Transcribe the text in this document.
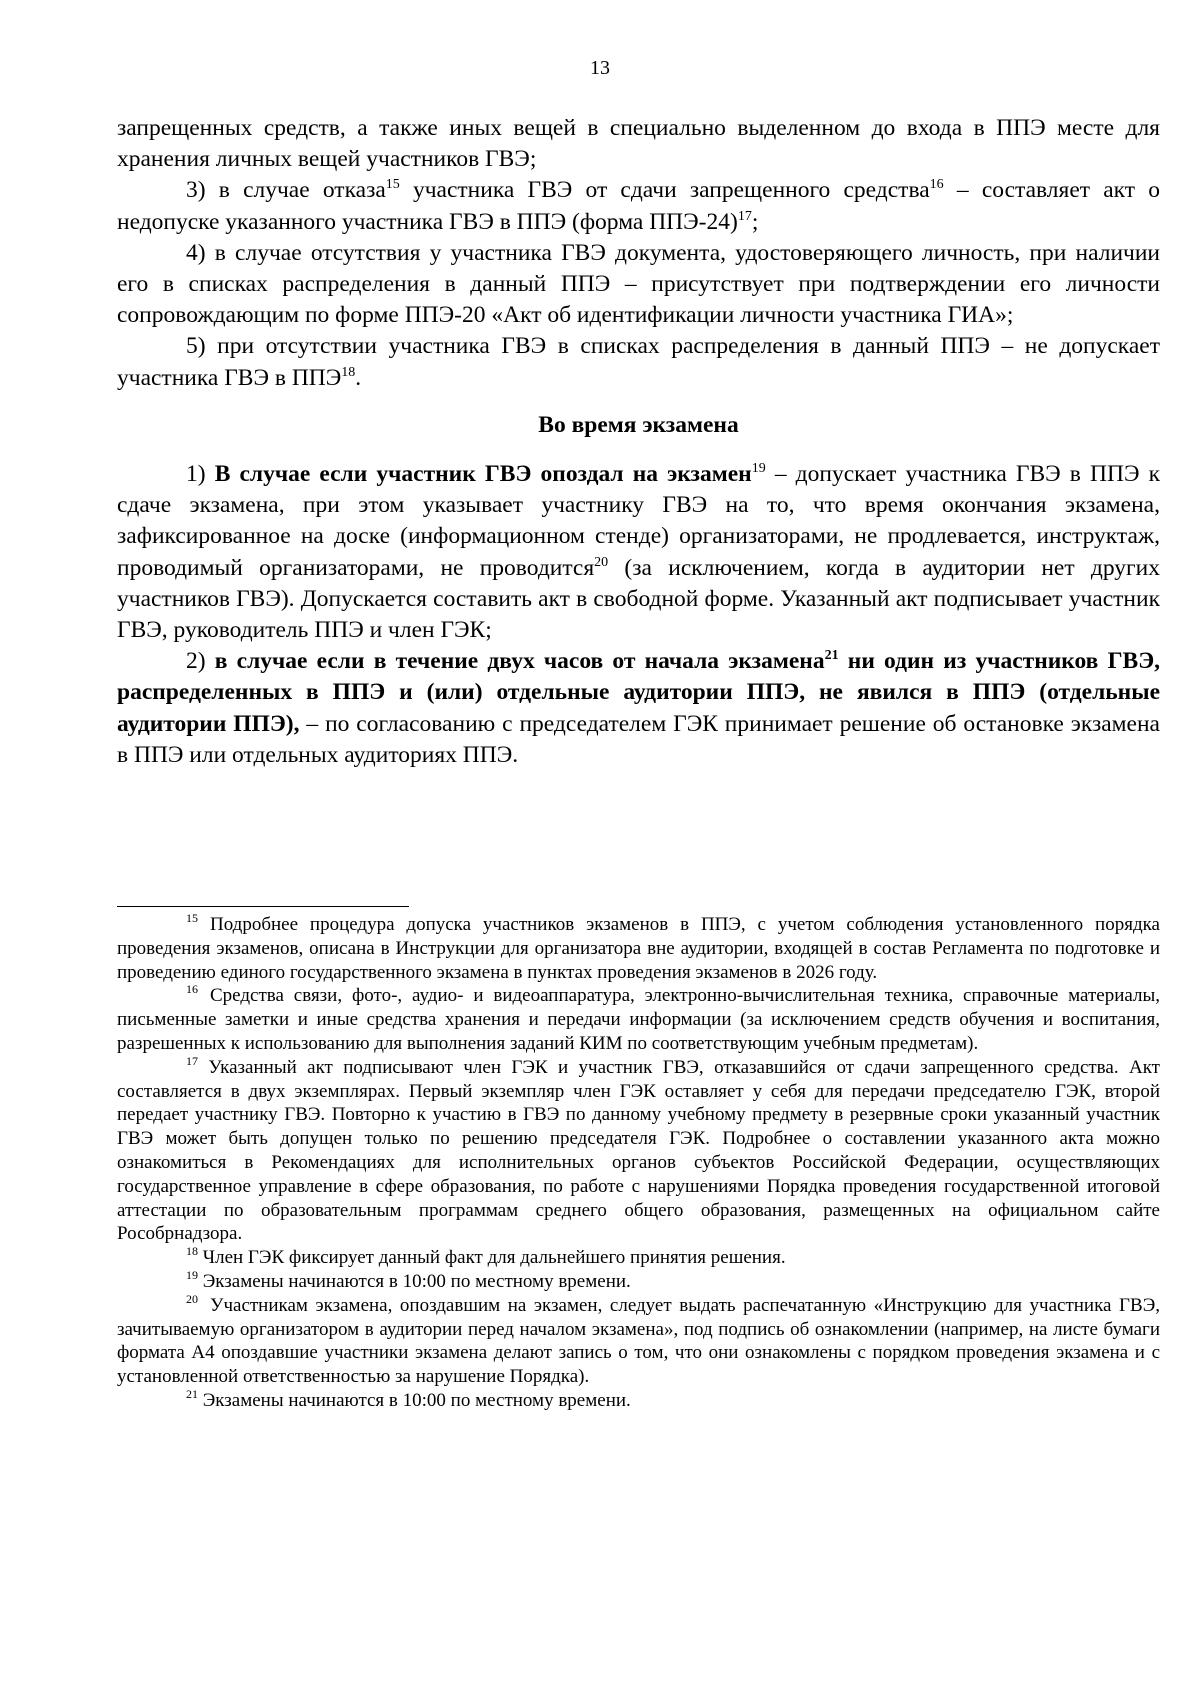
13

запрещенных средств, а также иных вещей в специально выделенном до входа в ППЭ месте для хранения личных вещей участников ГВЭ;

3) в случае отказа$^{15}$ участника ГВЭ от сдачи запрещенного средства$^{16}$ – составляет акт о недопуске указанного участника ГВЭ в ППЭ (форма ППЭ-24)$^{17}$;

4) в случае отсутствия у участника ГВЭ документа, удостоверяющего личность, при наличии его в списках распределения в данный ППЭ – присутствует при подтверждении его личности сопровождающим по форме ППЭ-20 «Акт об идентификации личности участника ГИА»;

5) при отсутствии участника ГВЭ в списках распределения в данный ППЭ – не допускает участника ГВЭ в ППЭ$^{18}$.

Во время экзамена

1) В случае если участник ГВЭ опоздал на экзамен$^{19}$ – допускает участника ГВЭ в ППЭ к сдаче экзамена, при этом указывает участнику ГВЭ на то, что время окончания экзамена, зафиксированное на доске (информационном стенде) организаторами, не продлевается, инструктаж, проводимый организаторами, не проводится$^{20}$ (за исключением, когда в аудитории нет других участников ГВЭ). Допускается составить акт в свободной форме. Указанный акт подписывает участник ГВЭ, руководитель ППЭ и член ГЭК;

2) в случае если в течение двух часов от начала экзамена$^{21}$ ни один из участников ГВЭ, распределенных в ППЭ и (или) отдельные аудитории ППЭ, не явился в ППЭ (отдельные аудитории ППЭ), – по согласованию с председателем ГЭК принимает решение об остановке экзамена в ППЭ или отдельных аудиториях ППЭ.

$^{15}$ Подробнее процедура допуска участников экзаменов в ППЭ, с учетом соблюдения установленного порядка проведения экзаменов, описана в Инструкции для организатора вне аудитории, входящей в состав Регламента по подготовке и проведению единого государственного экзамена в пунктах проведения экзаменов в 2026 году.

$^{16}$ Средства связи, фото-, аудио- и видеоаппаратура, электронно-вычислительная техника, справочные материалы, письменные заметки и иные средства хранения и передачи информации (за исключением средств обучения и воспитания, разрешенных к использованию для выполнения заданий КИМ по соответствующим учебным предметам).

$^{17}$ Указанный акт подписывают член ГЭК и участник ГВЭ, отказавшийся от сдачи запрещенного средства. Акт составляется в двух экземплярах. Первый экземпляр член ГЭК оставляет у себя для передачи председателю ГЭК, второй передает участнику ГВЭ. Повторно к участию в ГВЭ по данному учебному предмету в резервные сроки указанный участник ГВЭ может быть допущен только по решению председателя ГЭК. Подробнее о составлении указанного акта можно ознакомиться в Рекомендациях для исполнительных органов субъектов Российской Федерации, осуществляющих государственное управление в сфере образования, по работе с нарушениями Порядка проведения государственной итоговой аттестации по образовательным программам среднего общего образования, размещенных на официальном сайте Рособрнадзора.

$^{18}$ Член ГЭК фиксирует данный факт для дальнейшего принятия решения.

$^{19}$ Экзамены начинаются в 10:00 по местному времени.

$^{20}$ Участникам экзамена, опоздавшим на экзамен, следует выдать распечатанную «Инструкцию для участника ГВЭ, зачитываемую организатором в аудитории перед началом экзамена», под подпись об ознакомлении (например, на листе бумаги формата А4 опоздавшие участники экзамена делают запись о том, что они ознакомлены с порядком проведения экзамена и с установленной ответственностью за нарушение Порядка).

$^{21}$ Экзамены начинаются в 10:00 по местному времени.
